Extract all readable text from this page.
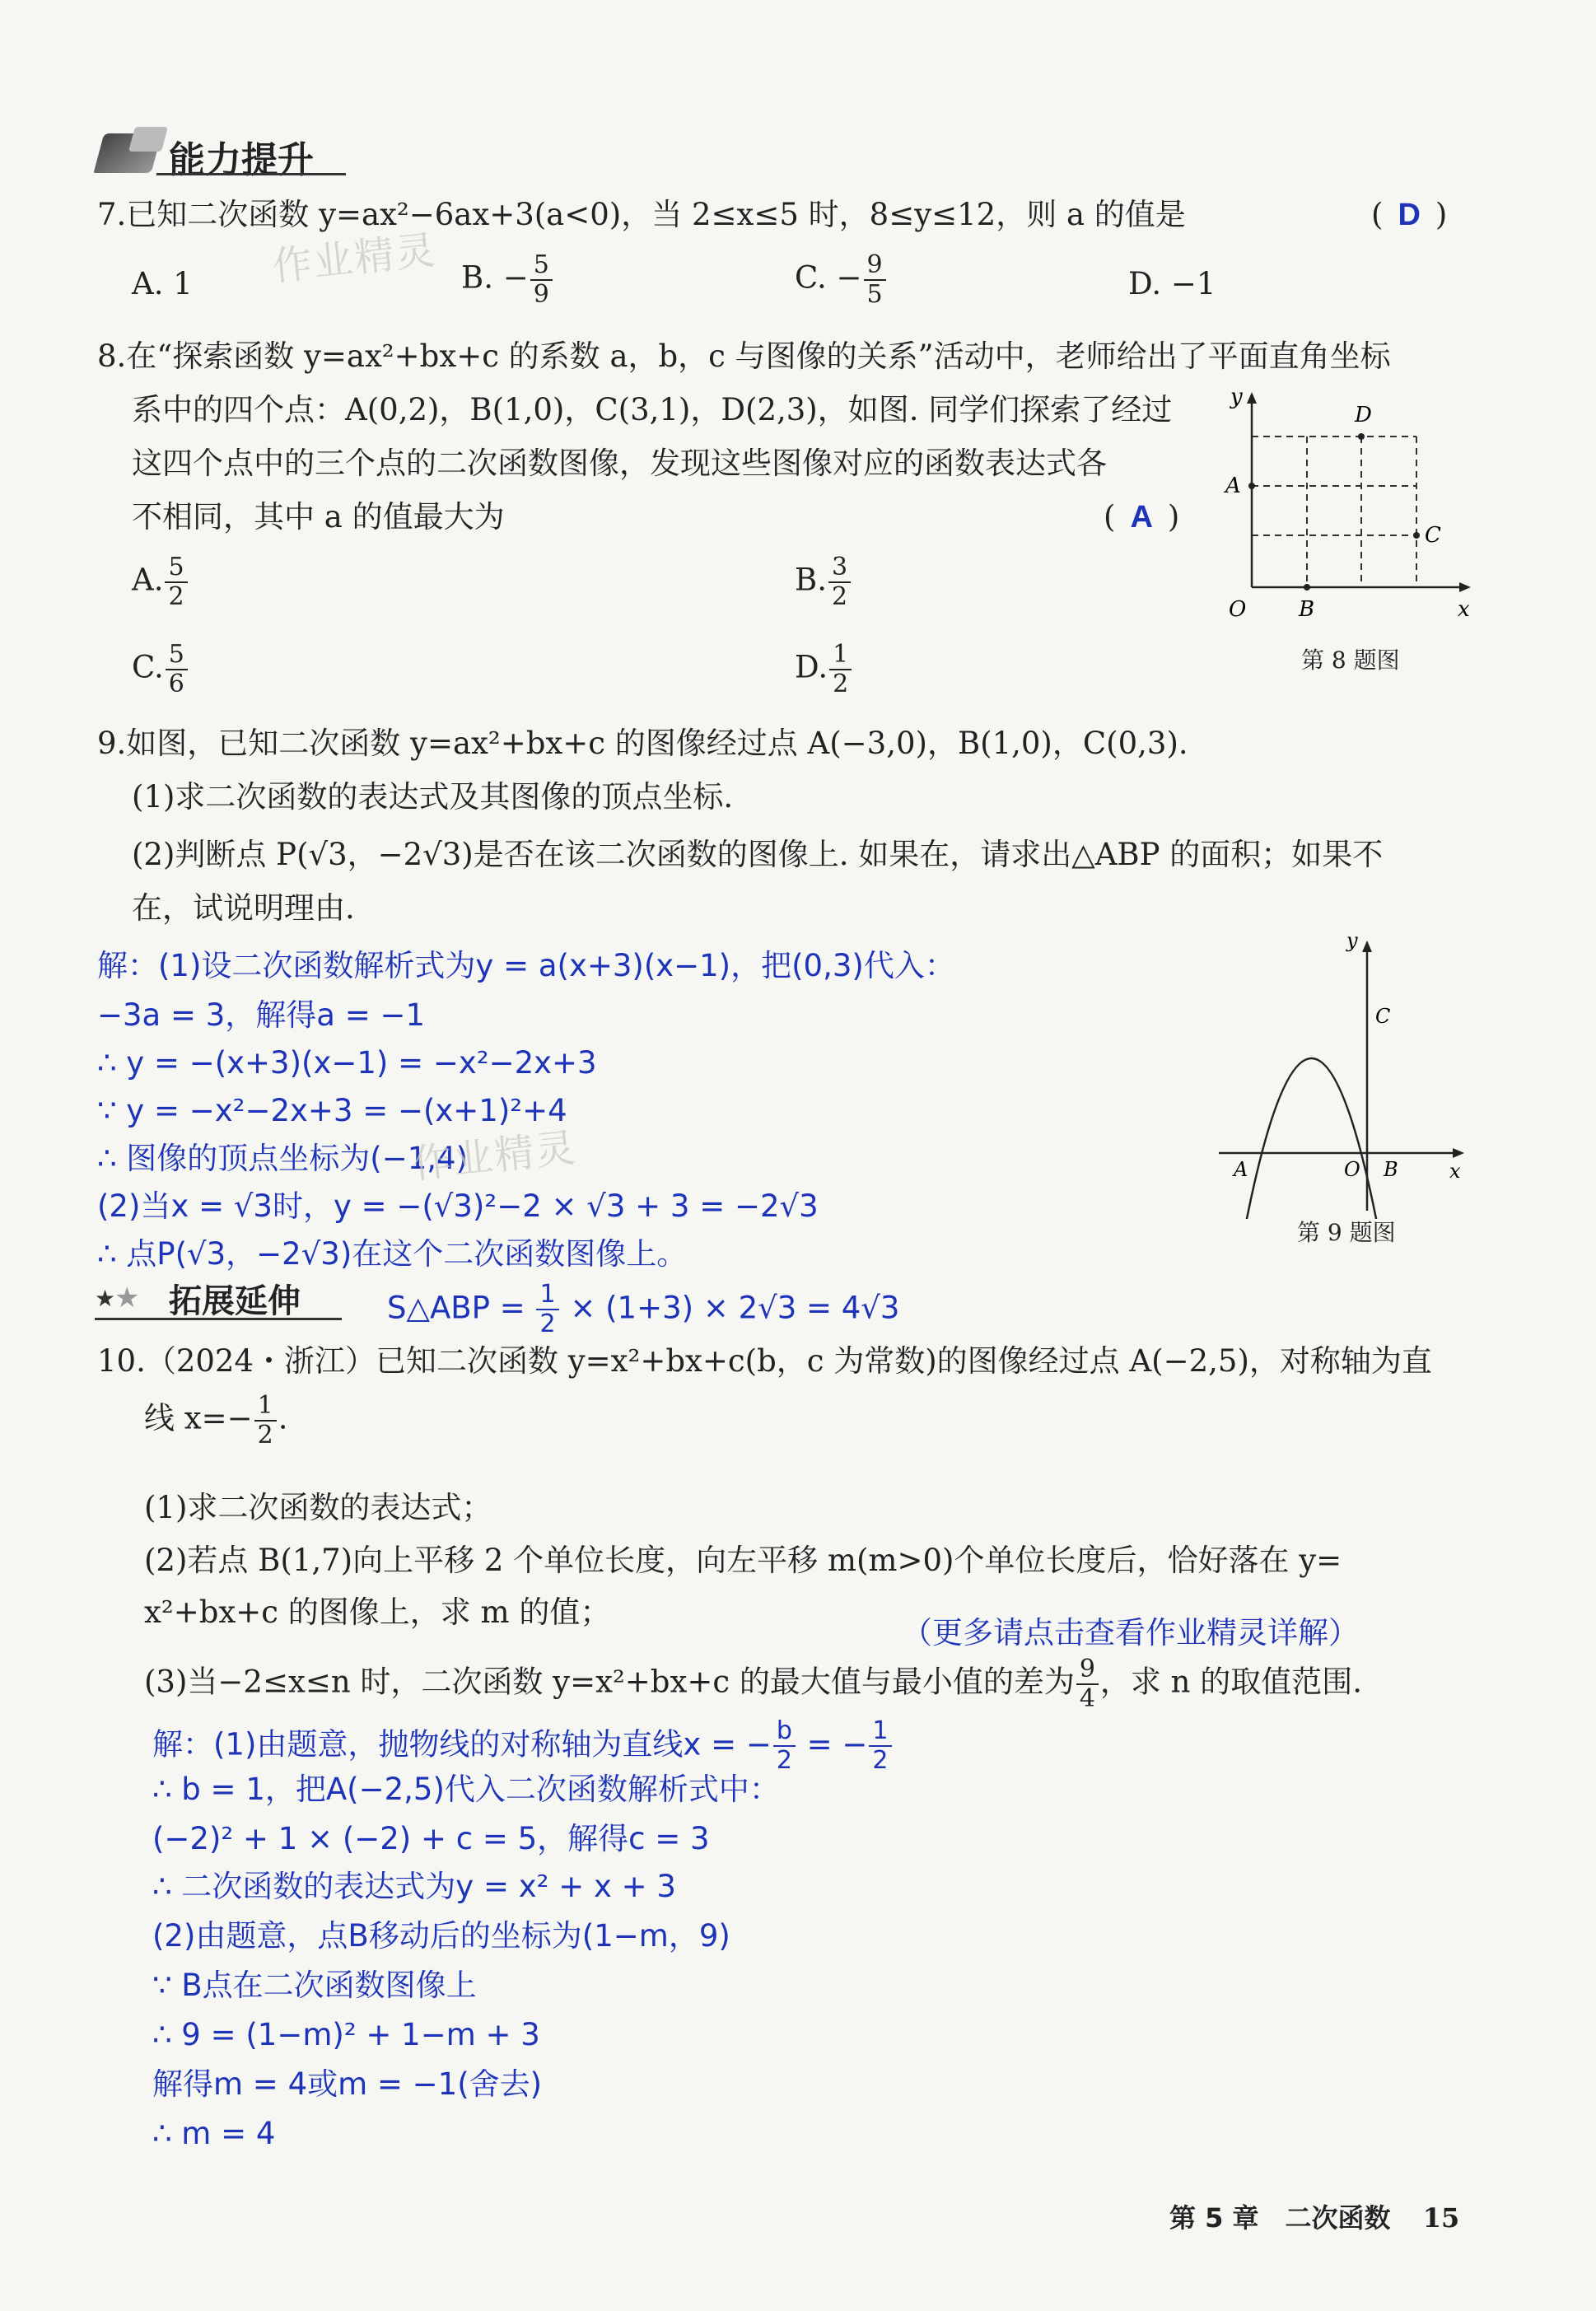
能力提升
作业精灵
7.已知二次函数 y=ax²−6ax+3(a<0)，当 2≤x≤5 时，8≤y≤12，则 a 的值是	( D )
A. 1	B. − $\frac{5}{9}$	C. − $\frac{9}{5}$	D. −1
8.在“探索函数 y=ax²+bx+c 的系数 a，b，c 与图像的关系”活动中，老师给出了平面直角坐标
系中的四个点：A(0,2)，B(1,0)，C(3,1)，D(2,3)，如图. 同学们探索了经过
这四个点中的三个点的二次函数图像，发现这些图像对应的函数表达式各
不相同，其中 a 的值最大为	( A )
A. $\frac{5}{2}$	B. $\frac{3}{2}$
C. $\frac{5}{6}$	D. $\frac{1}{2}$
y
x
O
A
B
C
D
第 8 题图
9.如图，已知二次函数 y=ax²+bx+c 的图像经过点 A(−3,0)，B(1,0)，C(0,3).
(1)求二次函数的表达式及其图像的顶点坐标.
(2)判断点 P(√3，−2√3)是否在该二次函数的图像上. 如果在，请求出△ABP 的面积；如果不
在，试说明理由.
解：(1)设二次函数解析式为y = a(x+3)(x−1)，把(0,3)代入：
−3a = 3，解得a = −1
∴ y = −(x+3)(x−1) = −x²−2x+3
∵ y = −x²−2x+3 = −(x+1)²+4
∴ 图像的顶点坐标为(−1,4)
(2)当x = √3时，y = −(√3)²−2 × √3 + 3 = −2√3
∴ 点P(√3，−2√3)在这个二次函数图像上。
作业精灵
y
x
O
A	B
C
第 9 题图
★
★ 拓展延伸	S△ABP = $\frac{1}{2} \times (1+3) \times 2√3 = 4√3$
10.（2024・浙江）已知二次函数 y=x²+bx+c(b，c 为常数)的图像经过点 A(−2,5)，对称轴为直
线 $x=- \frac{1}{2}$ .
(1)求二次函数的表达式；
(2)若点 B(1,7)向上平移 2 个单位长度，向左平移 m(m>0)个单位长度后，恰好落在 y=
x²+bx+c 的图像上，求 m 的值；
（更多请点击查看作业精灵详解）
(3)当−2≤x≤n 时，二次函数 y=x²+bx+c 的最大值与最小值的差为 $\frac{9}{4}$ ，求 n 的取值范围.
解：(1)由题意，抛物线的对称轴为直线x = − $\frac{b}{2}$ = − $\frac{1}{2}$
∴ b = 1，把A(−2,5)代入二次函数解析式中：
(−2)² + 1 × (−2) + c = 5，解得c = 3
∴ 二次函数的表达式为y = x² + x + 3
(2)由题意，点B移动后的坐标为(1−m，9)
∵ B点在二次函数图像上
∴ 9 = (1−m)² + 1−m + 3
解得m = 4或m = −1(舍去)
∴ m = 4
第 5 章　二次函数 15
